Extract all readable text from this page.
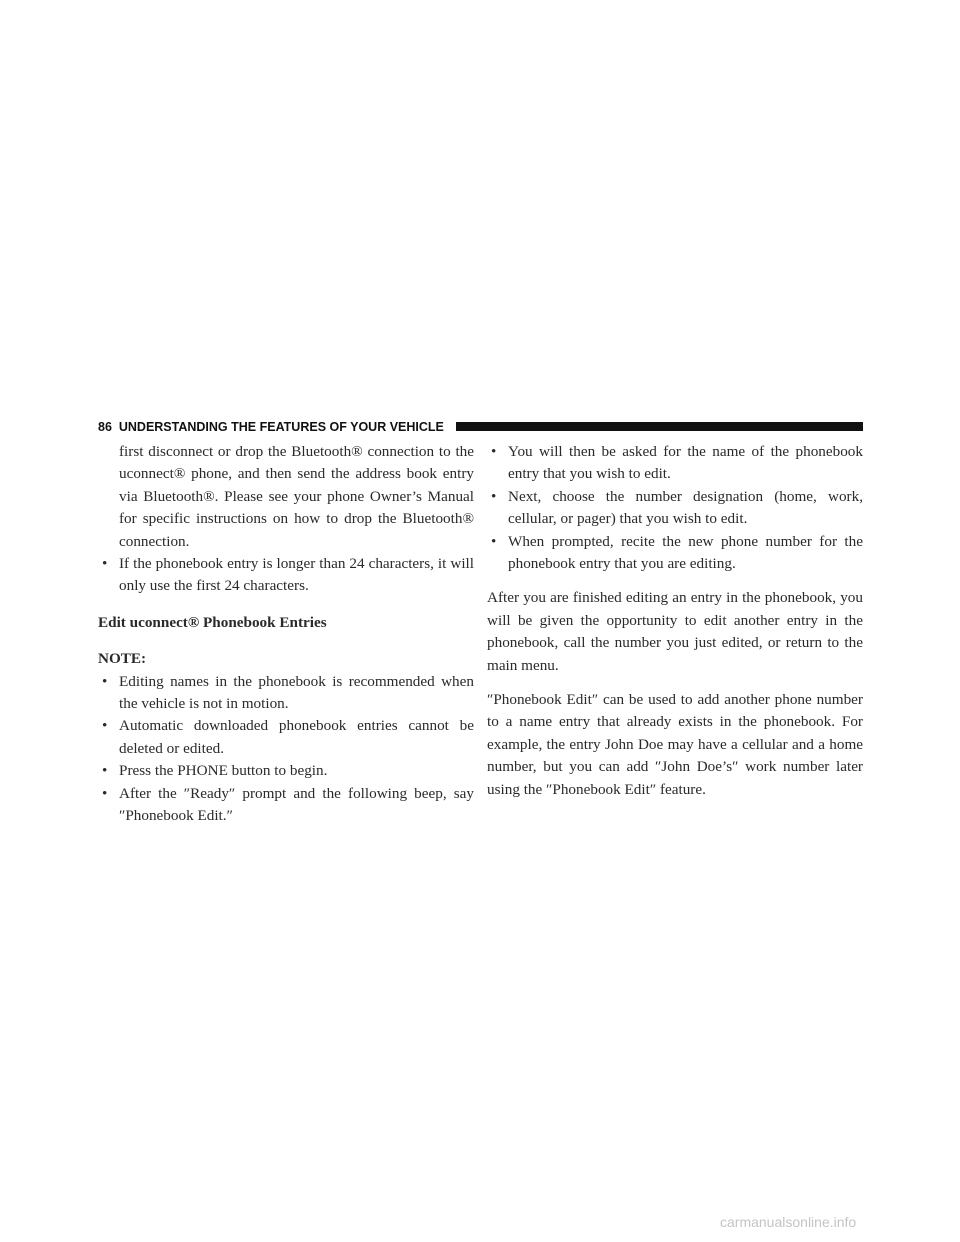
86 UNDERSTANDING THE FEATURES OF YOUR VEHICLE

first disconnect or drop the Bluetooth® connection to the uconnect® phone, and then send the address book entry via Bluetooth®. Please see your phone Owner’s Manual for specific instructions on how to drop the Bluetooth® connection.

• If the phonebook entry is longer than 24 characters, it will only use the first 24 characters.

Edit uconnect® Phonebook Entries

NOTE:

• Editing names in the phonebook is recommended when the vehicle is not in motion.

• Automatic downloaded phonebook entries cannot be deleted or edited.

• Press the PHONE button to begin.

• After the ″Ready″ prompt and the following beep, say ″Phonebook Edit.″

• You will then be asked for the name of the phonebook entry that you wish to edit.

• Next, choose the number designation (home, work, cellular, or pager) that you wish to edit.

• When prompted, recite the new phone number for the phonebook entry that you are editing.

After you are finished editing an entry in the phonebook, you will be given the opportunity to edit another entry in the phonebook, call the number you just edited, or return to the main menu.

″Phonebook Edit″ can be used to add another phone number to a name entry that already exists in the phonebook. For example, the entry John Doe may have a cellular and a home number, but you can add ″John Doe’s″ work number later using the ″Phonebook Edit″ feature.

carmanualsonline.info
